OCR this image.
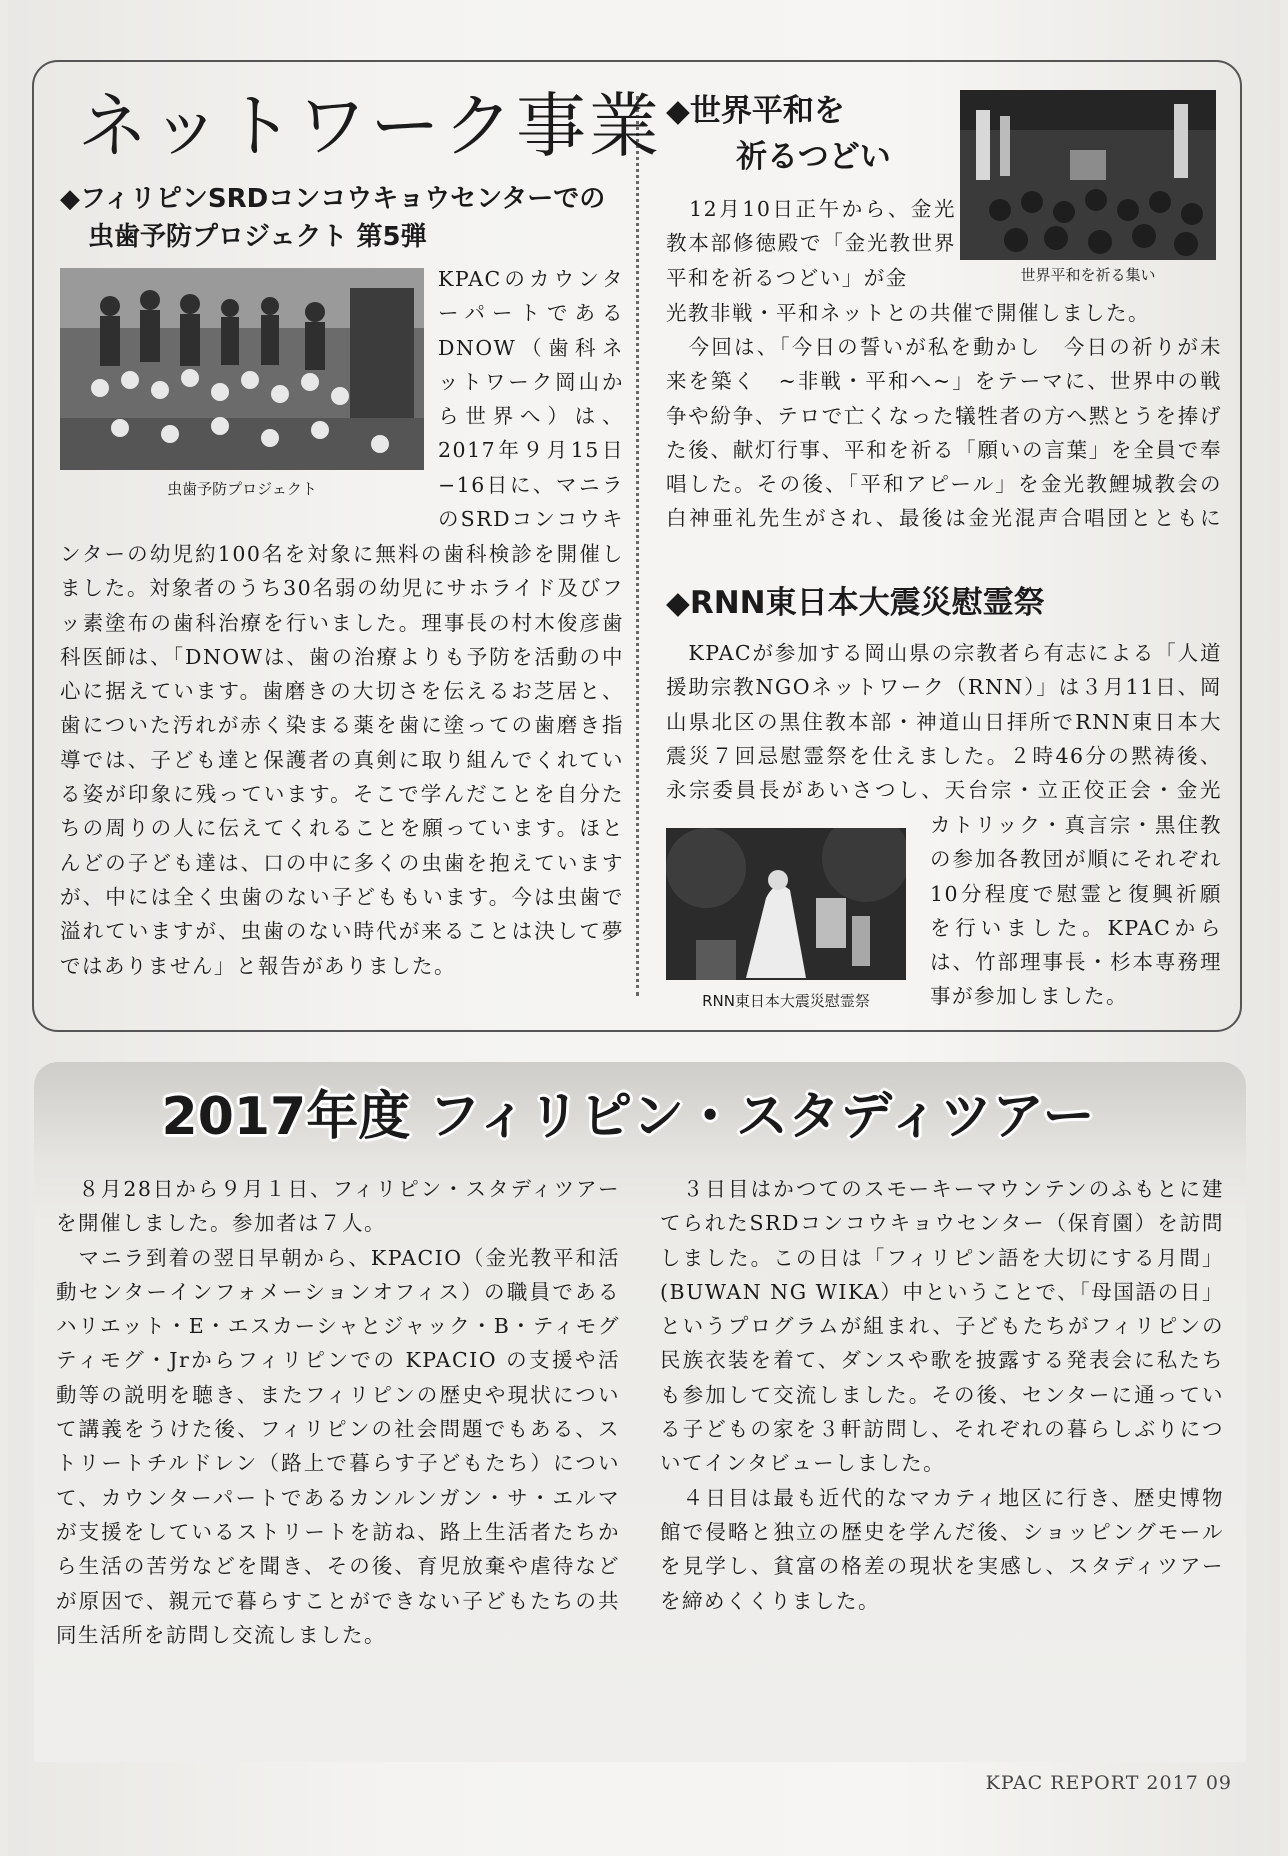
ネットワーク事業
◆フィリピンSRDコンコウキョウセンターでの
虫歯予防プロジェクト 第5弾

虫歯予防プロジェクト

KPACのカウンターパートであるDNOW（歯科ネットワーク岡山から世界へ）は、2017年９月15日−16日に、マニラのSRDコンコウキ

ンターの幼児約100名を対象に無料の歯科検診を開催しました。対象者のうち30名弱の幼児にサホライド及びフッ素塗布の歯科治療を行いました。理事長の村木俊彦歯科医師は、「DNOWは、歯の治療よりも予防を活動の中心に据えています。歯磨きの大切さを伝えるお芝居と、歯についた汚れが赤く染まる薬を歯に塗っての歯磨き指導では、子ども達と保護者の真剣に取り組んでくれている姿が印象に残っています。そこで学んだことを自分たちの周りの人に伝えてくれることを願っています。ほとんどの子ども達は、口の中に多くの虫歯を抱えていますが、中には全く虫歯のない子どももいます。今は虫歯で溢れていますが、虫歯のない時代が来ることは決して夢ではありません」と報告がありました。

◆世界平和を
祈るつどい

世界平和を祈る集い

　12月10日正午から、金光教本部修徳殿で「金光教世界平和を祈るつどい」が金

光教非戦・平和ネットとの共催で開催しました。

　今回は、「今日の誓いが私を動かし　今日の祈りが未来を築く　~非戦・平和へ~」をテーマに、世界中の戦争や紛争、テロで亡くなった犠牲者の方へ黙とうを捧げた後、献灯行事、平和を祈る「願いの言葉」を全員で奉唱した。その後、「平和アピール」を金光教鯉城教会の白神亜礼先生がされ、最後は金光混声合唱団とともに

◆RNN東日本大震災慰霊祭

　KPACが参加する岡山県の宗教者ら有志による「人道援助宗教NGOネットワーク（RNN）」は３月11日、岡山県北区の黒住教本部・神道山日拝所でRNN東日本大震災７回忌慰霊祭を仕えました。２時46分の黙祷後、永宗委員長があいさつし、天台宗・立正佼正会・金光

RNN東日本大震災慰霊祭

カトリック・真言宗・黒住教の参加各教団が順にそれぞれ10分程度で慰霊と復興祈願を行いました。KPACからは、竹部理事長・杉本専務理事が参加しました。

2017年度 フィリピン・スタディツアー

　８月28日から９月１日、フィリピン・スタディツアーを開催しました。参加者は７人。
　マニラ到着の翌日早朝から、KPACIO（金光教平和活動センターインフォメーションオフィス）の職員であるハリエット・E・エスカーシャとジャック・B・ティモグティモグ・Jrからフィリピンでの KPACIO の支援や活動等の説明を聴き、またフィリピンの歴史や現状について講義をうけた後、フィリピンの社会問題でもある、ストリートチルドレン（路上で暮らす子どもたち）について、カウンターパートであるカンルンガン・サ・エルマが支援をしているストリートを訪ね、路上生活者たちから生活の苦労などを聞き、その後、育児放棄や虐待などが原因で、親元で暮らすことができない子どもたちの共同生活所を訪問し交流しました。

　３日目はかつてのスモーキーマウンテンのふもとに建てられたSRDコンコウキョウセンター（保育園）を訪問しました。この日は「フィリピン語を大切にする月間」(BUWAN NG WIKA）中ということで、「母国語の日」というプログラムが組まれ、子どもたちがフィリピンの民族衣装を着て、ダンスや歌を披露する発表会に私たちも参加して交流しました。その後、センターに通っている子どもの家を３軒訪問し、それぞれの暮らしぶりについてインタビューしました。
　４日目は最も近代的なマカティ地区に行き、歴史博物館で侵略と独立の歴史を学んだ後、ショッピングモールを見学し、貧富の格差の現状を実感し、スタディツアーを締めくくりました。

KPAC REPORT 2017 09
